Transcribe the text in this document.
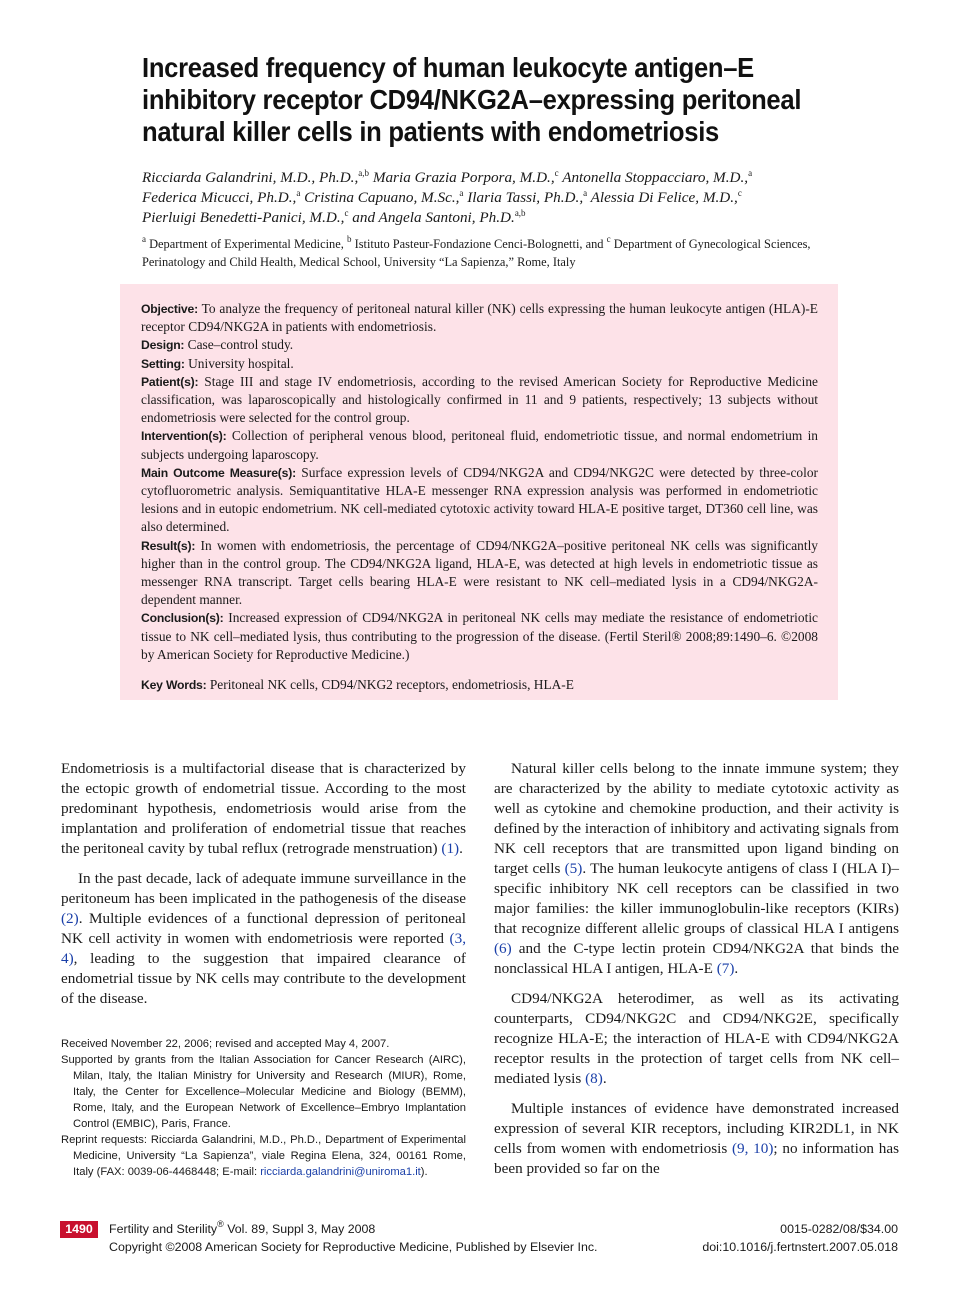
Increased frequency of human leukocyte antigen–E
inhibitory receptor CD94/NKG2A–expressing peritoneal
natural killer cells in patients with endometriosis
Ricciarda Galandrini, M.D., Ph.D.,$^{a,b}$ Maria Grazia Porpora, M.D.,$^c$ Antonella Stoppacciaro, M.D.,$^a$
Federica Micucci, Ph.D.,$^a$ Cristina Capuano, M.Sc.,$^a$ Ilaria Tassi, Ph.D.,$^a$ Alessia Di Felice, M.D.,$^c$
Pierluigi Benedetti-Panici, M.D.,$^c$ and Angela Santoni, Ph.D.$^{a,b}$
$^a$ Department of Experimental Medicine, $^b$ Istituto Pasteur-Fondazione Cenci-Bolognetti, and $^c$ Department of Gynecological Sciences, Perinatology and Child Health, Medical School, University “La Sapienza,” Rome, Italy

Objective: To analyze the frequency of peritoneal natural killer (NK) cells expressing the human leukocyte antigen (HLA)-E receptor CD94/NKG2A in patients with endometriosis.

Design: Case–control study.

Setting: University hospital.

Patient(s): Stage III and stage IV endometriosis, according to the revised American Society for Reproductive Medicine classification, was laparoscopically and histologically confirmed in 11 and 9 patients, respectively; 13 subjects without endometriosis were selected for the control group.

Intervention(s): Collection of peripheral venous blood, peritoneal fluid, endometriotic tissue, and normal endometrium in subjects undergoing laparoscopy.

Main Outcome Measure(s): Surface expression levels of CD94/NKG2A and CD94/NKG2C were detected by three-color cytofluorometric analysis. Semiquantitative HLA-E messenger RNA expression analysis was performed in endometriotic lesions and in eutopic endometrium. NK cell-mediated cytotoxic activity toward HLA-E positive target, DT360 cell line, was also determined.

Result(s): In women with endometriosis, the percentage of CD94/NKG2A–positive peritoneal NK cells was significantly higher than in the control group. The CD94/NKG2A ligand, HLA-E, was detected at high levels in endometriotic tissue as messenger RNA transcript. Target cells bearing HLA-E were resistant to NK cell–mediated lysis in a CD94/NKG2A-dependent manner.

Conclusion(s): Increased expression of CD94/NKG2A in peritoneal NK cells may mediate the resistance of endometriotic tissue to NK cell–mediated lysis, thus contributing to the progression of the disease. (Fertil Steril® 2008;89:1490–6. ©2008 by American Society for Reproductive Medicine.)

Key Words: Peritoneal NK cells, CD94/NKG2 receptors, endometriosis, HLA-E

Endometriosis is a multifactorial disease that is characterized by the ectopic growth of endometrial tissue. According to the most predominant hypothesis, endometriosis would arise from the implantation and proliferation of endometrial tissue that reaches the peritoneal cavity by tubal reflux (retrograde menstruation) (1).

In the past decade, lack of adequate immune surveillance in the peritoneum has been implicated in the pathogenesis of the disease (2). Multiple evidences of a functional depression of peritoneal NK cell activity in women with endometriosis were reported (3, 4), leading to the suggestion that impaired clearance of endometrial tissue by NK cells may contribute to the development of the disease.

Received November 22, 2006; revised and accepted May 4, 2007.

Supported by grants from the Italian Association for Cancer Research (AIRC), Milan, Italy, the Italian Ministry for University and Research (MIUR), Rome, Italy, the Center for Excellence–Molecular Medicine and Biology (BEMM), Rome, Italy, and the European Network of Excellence–Embryo Implantation Control (EMBIC), Paris, France.

Reprint requests: Ricciarda Galandrini, M.D., Ph.D., Department of Experimental Medicine, University “La Sapienza”, viale Regina Elena, 324, 00161 Rome, Italy (FAX: 0039-06-4468448; E-mail: ricciarda.galandrini@uniroma1.it).

Natural killer cells belong to the innate immune system; they are characterized by the ability to mediate cytotoxic activity as well as cytokine and chemokine production, and their activity is defined by the interaction of inhibitory and activating signals from NK cell receptors that are transmitted upon ligand binding on target cells (5). The human leukocyte antigens of class I (HLA I)–specific inhibitory NK cell receptors can be classified in two major families: the killer immunoglobulin-like receptors (KIRs) that recognize different allelic groups of classical HLA I antigens (6) and the C-type lectin protein CD94/NKG2A that binds the nonclassical HLA I antigen, HLA-E (7).

CD94/NKG2A heterodimer, as well as its activating counterparts, CD94/NKG2C and CD94/NKG2E, specifically recognize HLA-E; the interaction of HLA-E with CD94/NKG2A receptor results in the protection of target cells from NK cell–mediated lysis (8).

Multiple instances of evidence have demonstrated increased expression of several KIR receptors, including KIR2DL1, in NK cells from women with endometriosis (9, 10); no information has been provided so far on the

1490	Fertility and Sterility® Vol. 89, Suppl 3, May 2008
Copyright ©2008 American Society for Reproductive Medicine, Published by Elsevier Inc.
0015-0282/08/$34.00
doi:10.1016/j.fertnstert.2007.05.018
